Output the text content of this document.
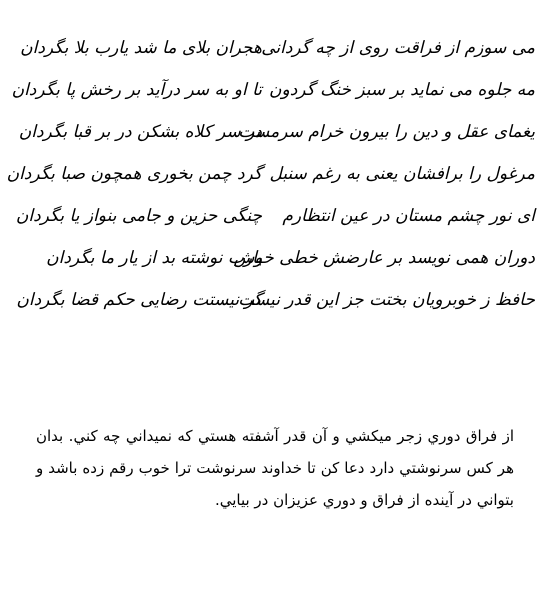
می سوزم از فراقت روی از چه گردانی
هجران بلای ما شد یارب بلا بگردان
مه جلوه می نماید بر سبز خنگ گردون
تا او به سر درآید بر رخش پا بگردان
یغمای عقل و دین را بیرون خرام سرمست
در سر کلاه بشکن در بر قبا بگردان
مرغول را برافشان یعنی به رغم سنبل
گرد چمن بخوری همچون صبا بگردان
ای نور چشم مستان در عین انتظارم
چنگی حزین و جامی بنواز یا بگردان
دوران همی نویسد بر عارضش خطی خوش
یارب نوشته بد از یار ما بگردان
حافظ ز خوبرویان بختت جز این قدر نیست
گر نیستت رضایی حکم قضا بگردان

از فراق دوري زجر ميكشي و آن قدر آشفته هستي كه نميداني چه كني. بدان هر كس سرنوشتي دارد دعا كن تا خداوند سرنوشت ترا خوب رقم زده باشد و بتواني در آينده از فراق و دوري عزيزان در بيايي.
